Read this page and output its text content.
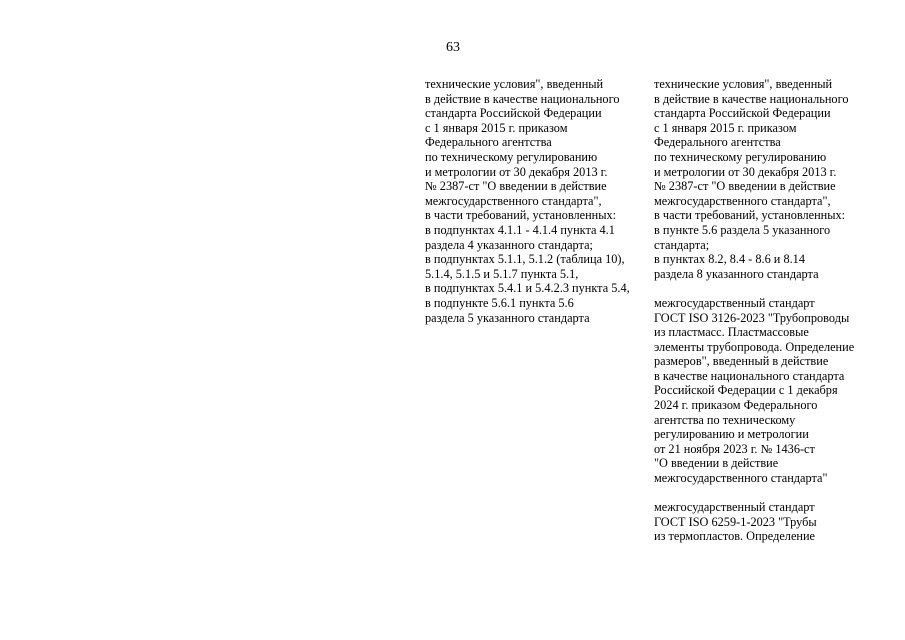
63
технические условия", введенный
в действие в качестве национального
стандарта Российской Федерации
с 1 января 2015 г. приказом
Федерального агентства
по техническому регулированию
и метрологии от 30 декабря 2013 г.
№ 2387-ст "О введении в действие
межгосударственного стандарта",
в части требований, установленных:
в подпунктах 4.1.1 - 4.1.4 пункта 4.1
раздела 4 указанного стандарта;
в подпунктах 5.1.1, 5.1.2 (таблица 10),
5.1.4, 5.1.5 и 5.1.7 пункта 5.1,
в подпунктах 5.4.1 и 5.4.2.3 пункта 5.4,
в подпункте 5.6.1 пункта 5.6
раздела 5 указанного стандарта
технические условия", введенный
в действие в качестве национального
стандарта Российской Федерации
с 1 января 2015 г. приказом
Федерального агентства
по техническому регулированию
и метрологии от 30 декабря 2013 г.
№ 2387-ст "О введении в действие
межгосударственного стандарта",
в части требований, установленных:
в пункте 5.6 раздела 5 указанного
стандарта;
в пунктах 8.2, 8.4 - 8.6 и 8.14
раздела 8 указанного стандарта
межгосударственный стандарт
ГОСТ ISO 3126-2023 "Трубопроводы
из пластмасс. Пластмассовые
элементы трубопровода. Определение
размеров", введенный в действие
в качестве национального стандарта
Российской Федерации с 1 декабря
2024 г. приказом Федерального
агентства по техническому
регулированию и метрологии
от 21 ноября 2023 г. № 1436-ст
"О введении в действие
межгосударственного стандарта"
межгосударственный стандарт
ГОСТ ISO 6259-1-2023 "Трубы
из термопластов. Определение
